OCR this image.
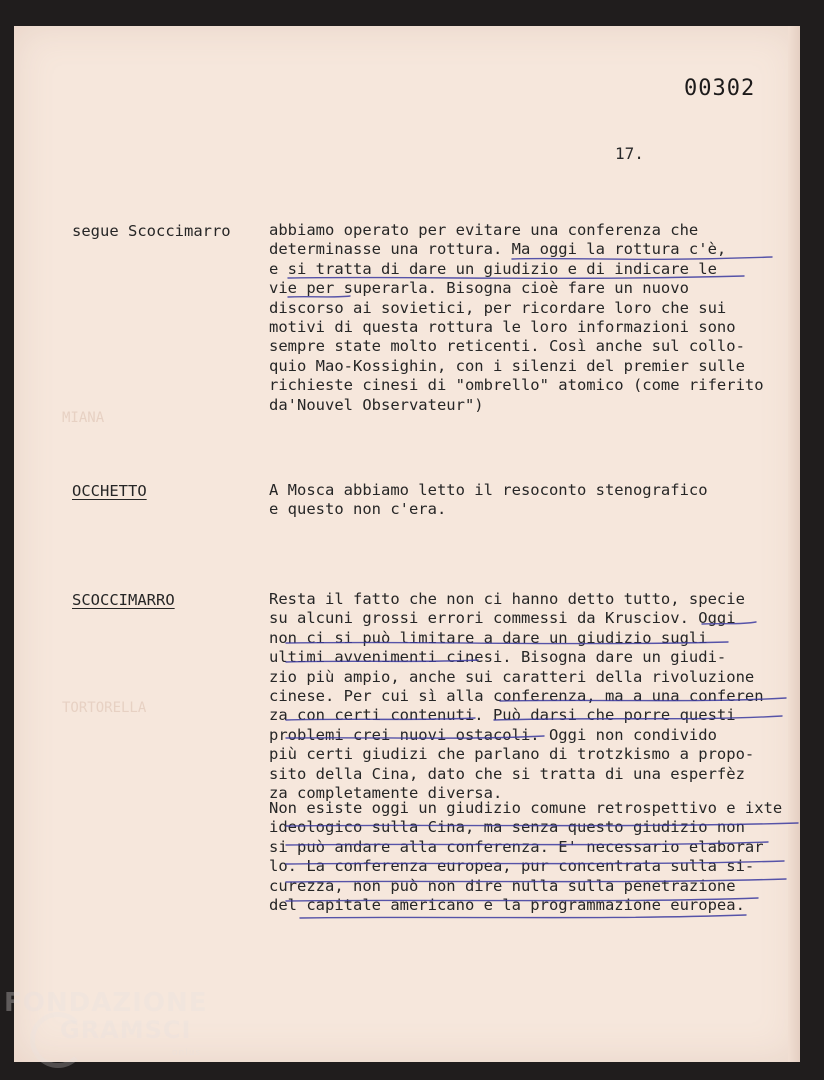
MIANA
TORTORELLA
00302
17.
segue Scoccimarro abbiamo operato per evitare una conferenza che
determinasse una rottura. Ma oggi la rottura c'è,
e si tratta di dare un giudizio e di indicare le
vie per superarla. Bisogna cioè fare un nuovo
discorso ai sovietici, per ricordare loro che sui
motivi di questa rottura le loro informazioni sono
sempre state molto reticenti. Così anche sul collo-
quio Mao-Kossighin, con i silenzi del premier sulle
richieste cinesi di "ombrello" atomico (come riferito
da'Nouvel Observateur")
OCCHETTO	A Mosca abbiamo letto il resoconto stenografico
e questo non c'era.
SCOCCIMARRO	Resta il fatto che non ci hanno detto tutto, specie
su alcuni grossi errori commessi da Krusciov. Oggi
non ci si può limitare a dare un giudizio sugli
ultimi avvenimenti cinesi. Bisogna dare un giudi-
zio più ampio, anche sui caratteri della rivoluzione
cinese. Per cui sì alla conferenza, ma a una conferen
za con certi contenuti. Può darsi che porre questi
problemi crei nuovi ostacoli. Oggi non condivido
più certi giudizi che parlano di trotzkismo a propo-
sito della Cina, dato che si tratta di una esperfèz
za completamente diversa.
Non esiste oggi un giudizio comune retrospettivo e ixte
ideologico sulla Cina, ma senza questo giudizio non
si può andare alla conferenza. E' necessario elaborar
lo. La conferenza europea, pur concentrata sulla si-
curezza, non può non dire nulla sulla penetrazione
del capitale americano e la programmazione europea.
FONDAZIONE
GRAMSCI
onlus
